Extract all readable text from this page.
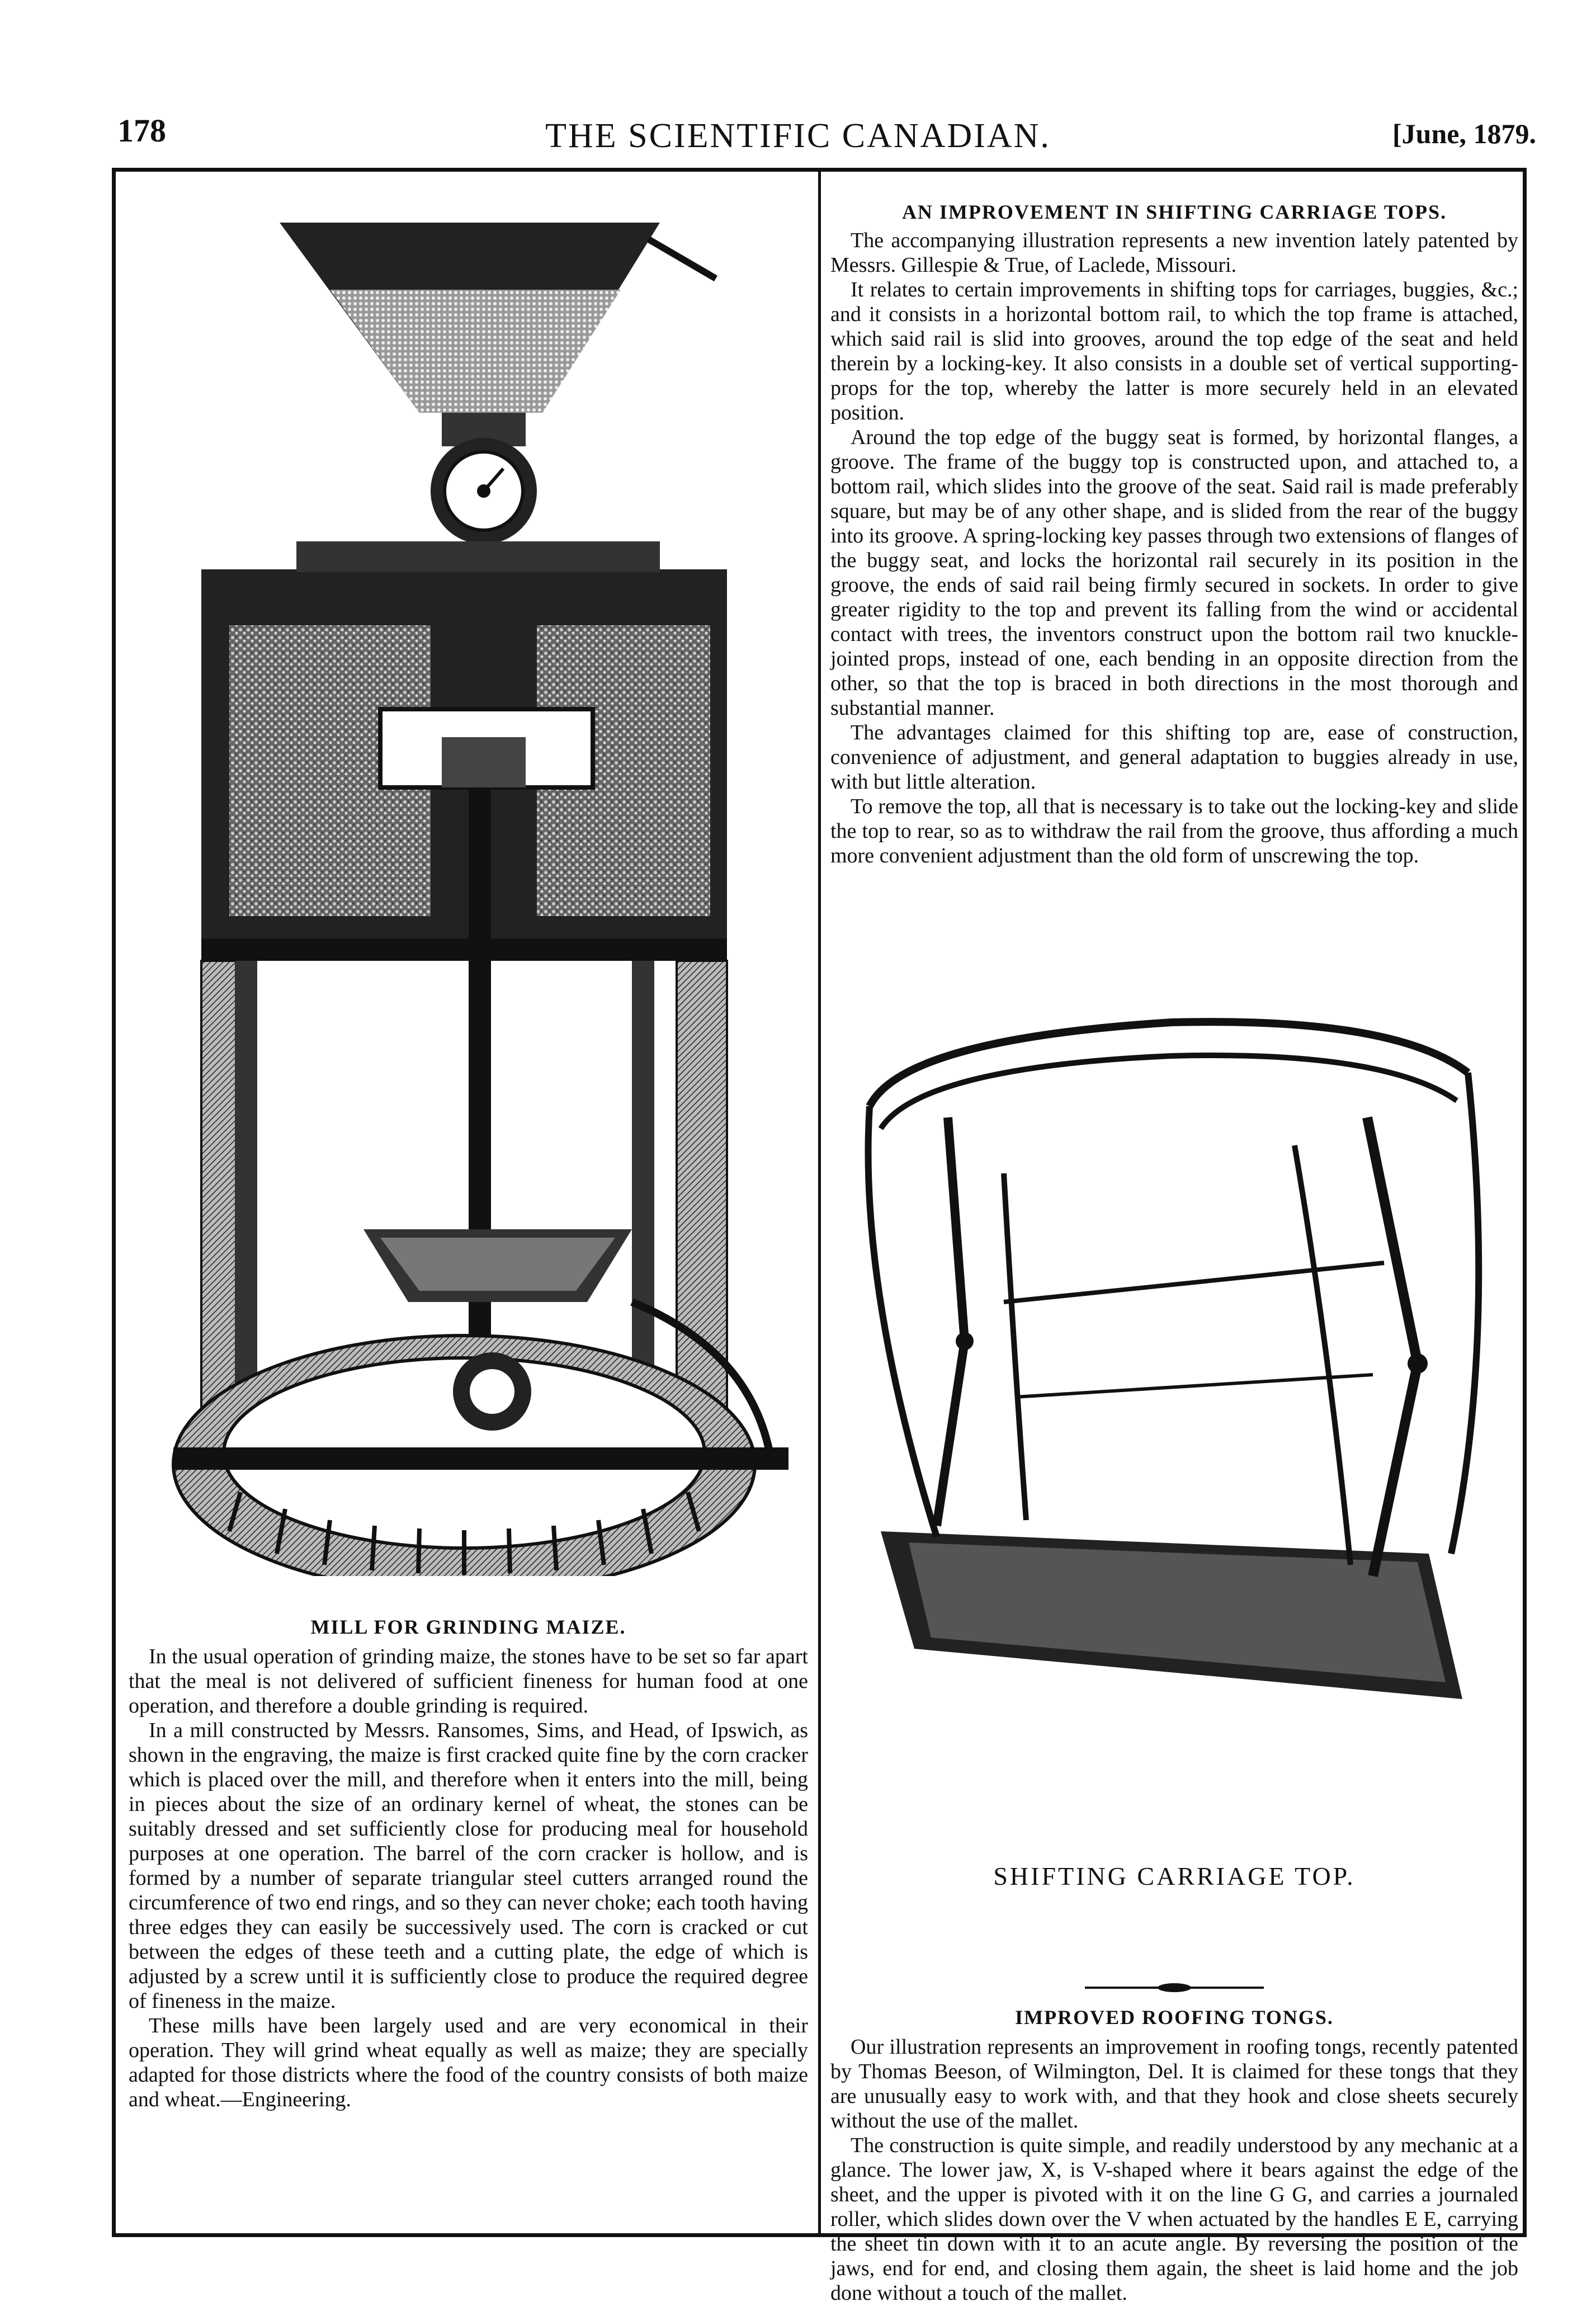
178	THE SCIENTIFIC CANADIAN.	[June, 1879.
MILL FOR GRINDING MAIZE.

In the usual operation of grinding maize, the stones have to be set so far apart that the meal is not delivered of sufficient fineness for human food at one operation, and therefore a double grinding is required.

In a mill constructed by Messrs. Ransomes, Sims, and Head, of Ipswich, as shown in the engraving, the maize is first cracked quite fine by the corn cracker which is placed over the mill, and therefore when it enters into the mill, being in pieces about the size of an ordinary kernel of wheat, the stones can be suitably dressed and set sufficiently close for producing meal for household purposes at one operation. The barrel of the corn cracker is hollow, and is formed by a number of separate triangular steel cutters arranged round the circumference of two end rings, and so they can never choke; each tooth having three edges they can easily be successively used. The corn is cracked or cut between the edges of these teeth and a cutting plate, the edge of which is adjusted by a screw until it is sufficiently close to produce the required degree of fineness in the maize.

These mills have been largely used and are very economical in their operation. They will grind wheat equally as well as maize; they are specially adapted for those districts where the food of the country consists of both maize and wheat.—Engineering.

AN IMPROVEMENT IN SHIFTING CARRIAGE TOPS.

The accompanying illustration represents a new invention lately patented by Messrs. Gillespie & True, of Laclede, Missouri.

It relates to certain improvements in shifting tops for carriages, buggies, &c.; and it consists in a horizontal bottom rail, to which the top frame is attached, which said rail is slid into grooves, around the top edge of the seat and held therein by a locking-key. It also consists in a double set of vertical supporting-props for the top, whereby the latter is more securely held in an elevated position.

Around the top edge of the buggy seat is formed, by horizontal flanges, a groove. The frame of the buggy top is constructed upon, and attached to, a bottom rail, which slides into the groove of the seat. Said rail is made preferably square, but may be of any other shape, and is slided from the rear of the buggy into its groove. A spring-locking key passes through two extensions of flanges of the buggy seat, and locks the horizontal rail securely in its position in the groove, the ends of said rail being firmly secured in sockets. In order to give greater rigidity to the top and prevent its falling from the wind or accidental contact with trees, the inventors construct upon the bottom rail two knuckle-jointed props, instead of one, each bending in an opposite direction from the other, so that the top is braced in both directions in the most thorough and substantial manner.

The advantages claimed for this shifting top are, ease of construction, convenience of adjustment, and general adaptation to buggies already in use, with but little alteration.

To remove the top, all that is necessary is to take out the locking-key and slide the top to rear, so as to withdraw the rail from the groove, thus affording a much more convenient adjustment than the old form of unscrewing the top.

SHIFTING CARRIAGE TOP.
IMPROVED ROOFING TONGS.

Our illustration represents an improvement in roofing tongs, recently patented by Thomas Beeson, of Wilmington, Del. It is claimed for these tongs that they are unusually easy to work with, and that they hook and close sheets securely without the use of the mallet.

The construction is quite simple, and readily understood by any mechanic at a glance. The lower jaw, X, is V-shaped where it bears against the edge of the sheet, and the upper is pivoted with it on the line G G, and carries a journaled roller, which slides down over the V when actuated by the handles E E, carrying the sheet tin down with it to an acute angle. By reversing the position of the jaws, end for end, and closing them again, the sheet is laid home and the job done without a touch of the mallet.
